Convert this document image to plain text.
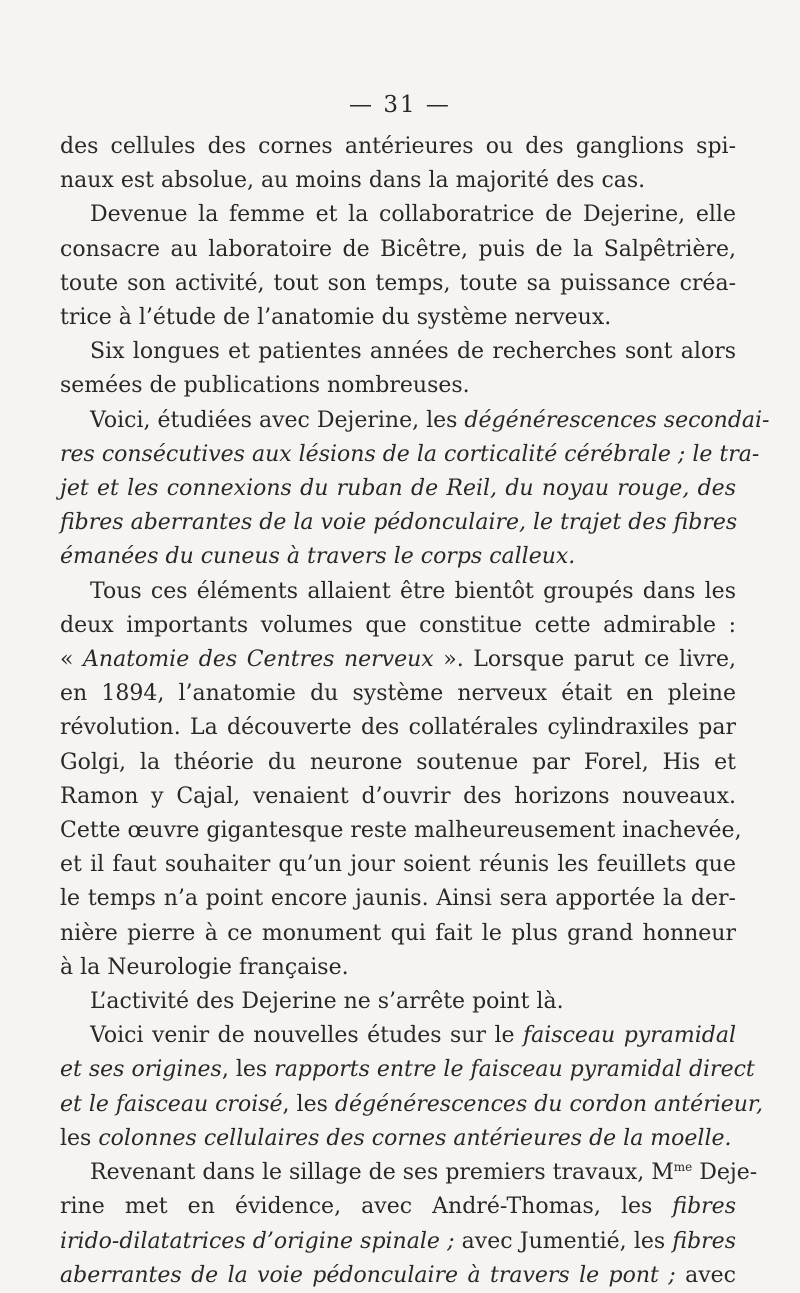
— 31 —
des cellules des cornes antérieures ou des ganglions spi-
naux est absolue, au moins dans la majorité des cas.
Devenue la femme et la collaboratrice de Dejerine, elle
consacre au laboratoire de Bicêtre, puis de la Salpêtrière,
toute son activité, tout son temps, toute sa puissance créa-
trice à l’étude de l’anatomie du système nerveux.
Six longues et patientes années de recherches sont alors
semées de publications nombreuses.
Voici, étudiées avec Dejerine, les dégénérescences secondai-
res consécutives aux lésions de la corticalité cérébrale ; le tra-
jet et les connexions du ruban de Reil, du noyau rouge, des
fibres aberrantes de la voie pédonculaire, le trajet des fibres
émanées du cuneus à travers le corps calleux.
Tous ces éléments allaient être bientôt groupés dans les
deux importants volumes que constitue cette admirable :
« Anatomie des Centres nerveux ». Lorsque parut ce livre,
en 1894, l’anatomie du système nerveux était en pleine
révolution. La découverte des collatérales cylindraxiles par
Golgi, la théorie du neurone soutenue par Forel, His et
Ramon y Cajal, venaient d’ouvrir des horizons nouveaux.
Cette œuvre gigantesque reste malheureusement inachevée,
et il faut souhaiter qu’un jour soient réunis les feuillets que
le temps n’a point encore jaunis. Ainsi sera apportée la der-
nière pierre à ce monument qui fait le plus grand honneur
à la Neurologie française.
L’activité des Dejerine ne s’arrête point là.
Voici venir de nouvelles études sur le faisceau pyramidal
et ses origines, les rapports entre le faisceau pyramidal direct
et le faisceau croisé, les dégénérescences du cordon antérieur,
les colonnes cellulaires des cornes antérieures de la moelle.
Revenant dans le sillage de ses premiers travaux, $M^{me}$ Deje-
rine met en évidence, avec André-Thomas, les fibres
irido-dilatatrices d’origine spinale ; avec Jumentié, les fibres
aberrantes de la voie pédonculaire à travers le pont ; avec
